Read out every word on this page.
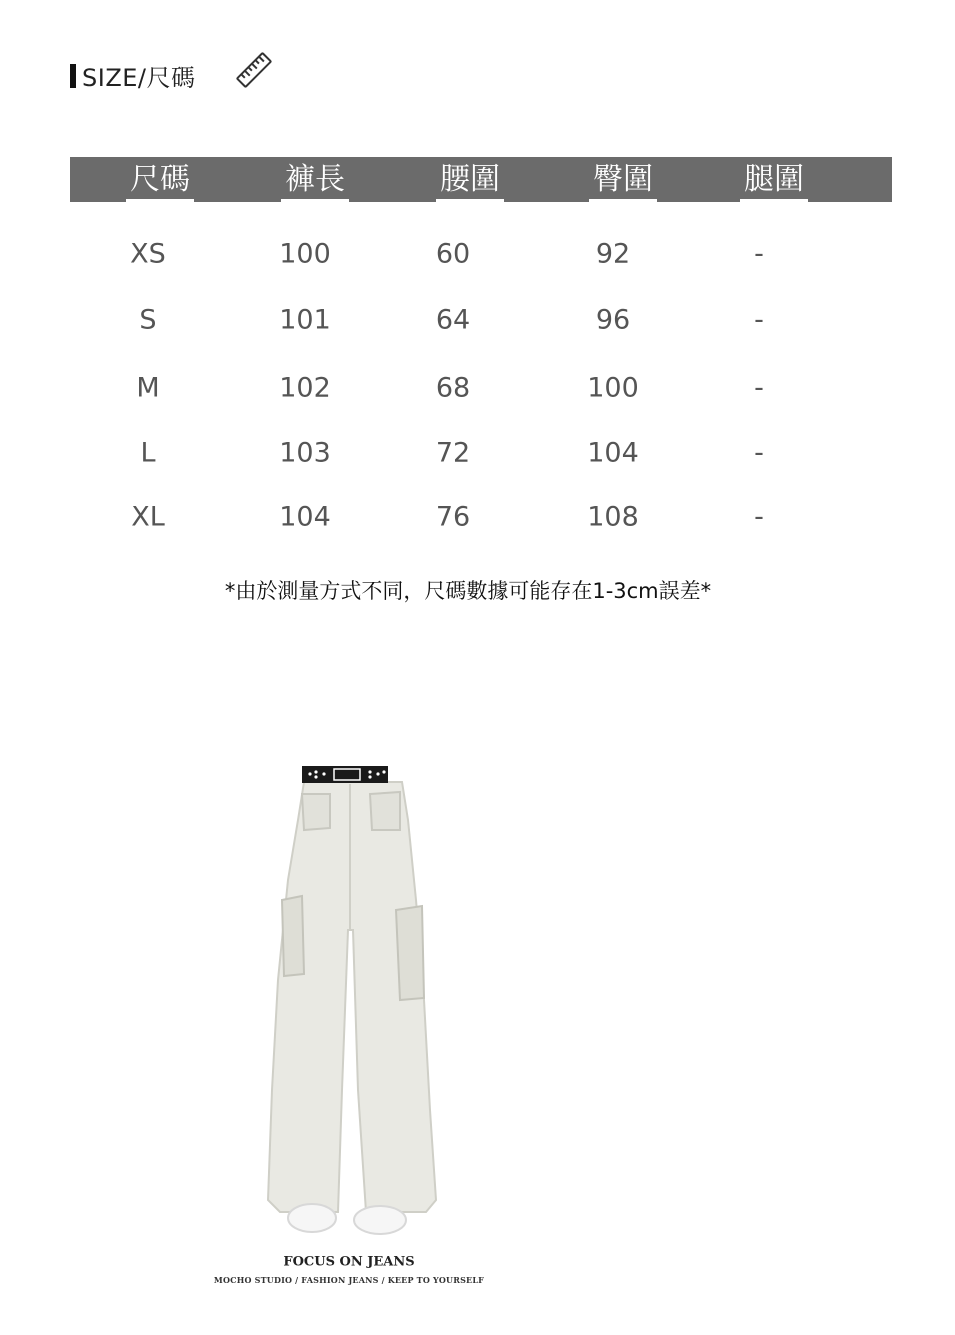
SIZE/尺碼
尺碼	褲長	腰圍	臀圍	腿圍
XS	100	60	92	-
S	101	64	96	-
M	102	68	100	-
L	103	72	104	-
XL	104	76	108	-
*由於測量方式不同，尺碼數據可能存在1-3cm誤差*
FOCUS ON JEANS
MOCHO STUDIO / FASHION JEANS / KEEP TO YOURSELF
